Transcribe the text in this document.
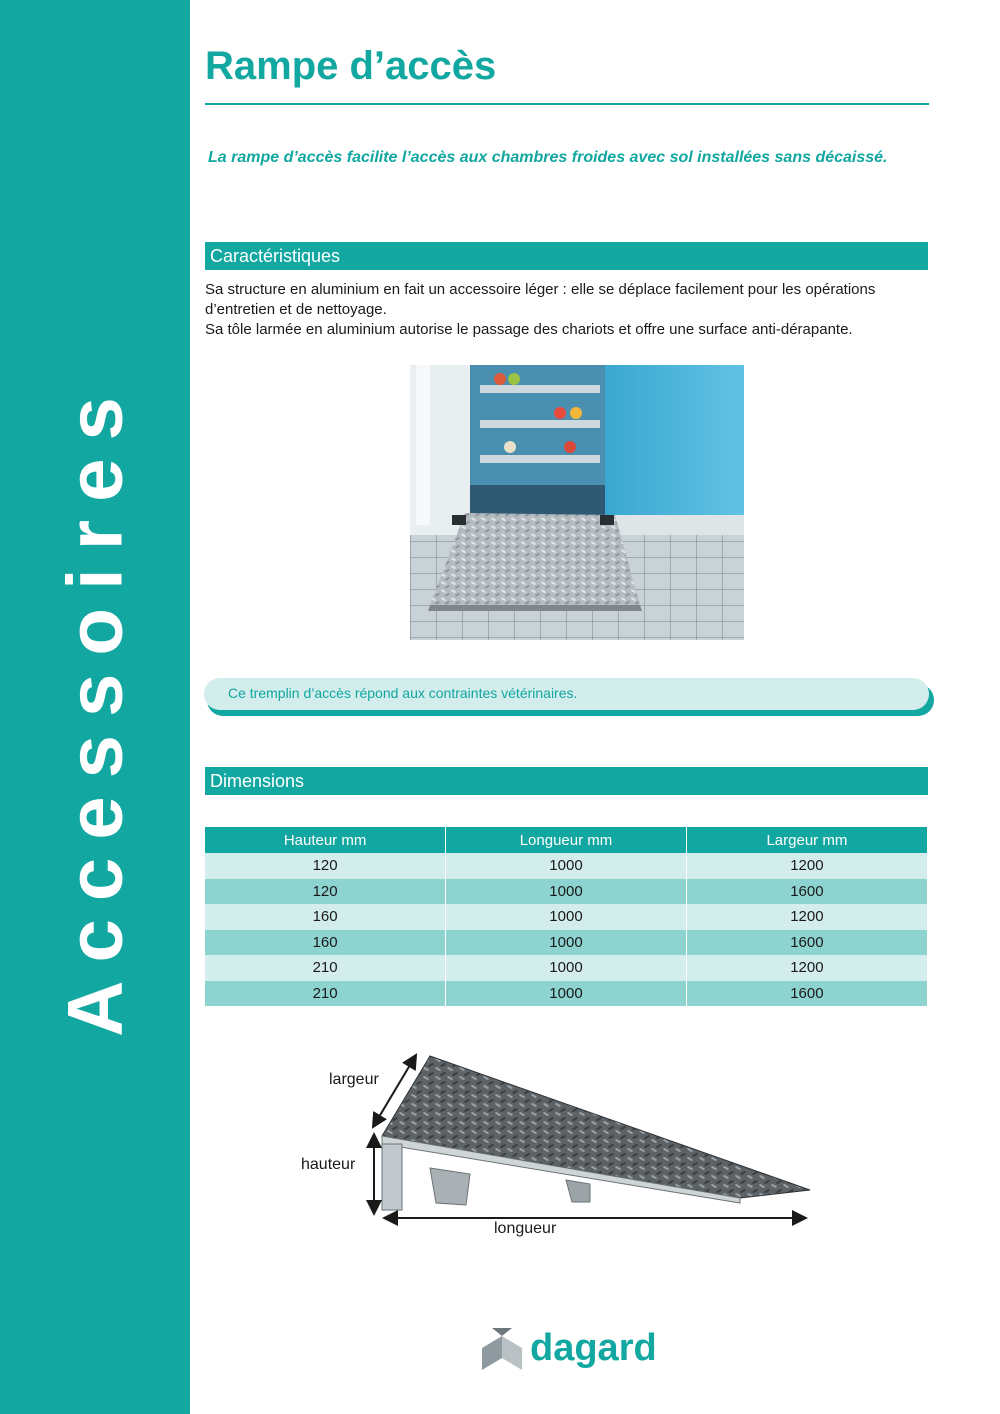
Accessoires
Rampe d’accès
La rampe d’accès facilite l’accès aux chambres froides avec sol installées sans décaissé.
Caractéristiques

Sa structure en aluminium en fait un accessoire léger : elle se déplace facilement pour les opérations d’entretien et de nettoyage.

Sa tôle larmée en aluminium autorise le passage des chariots et offre une surface anti-dérapante.

Ce tremplin d’accès répond aux contraintes vétérinaires.
Dimensions
Hauteur mm	Longueur mm	Largeur mm
120	1000	1200
120	1000	1600
160	1000	1200
160	1000	1600
210	1000	1200
210	1000	1600
largeur
hauteur
longueur
dagard
